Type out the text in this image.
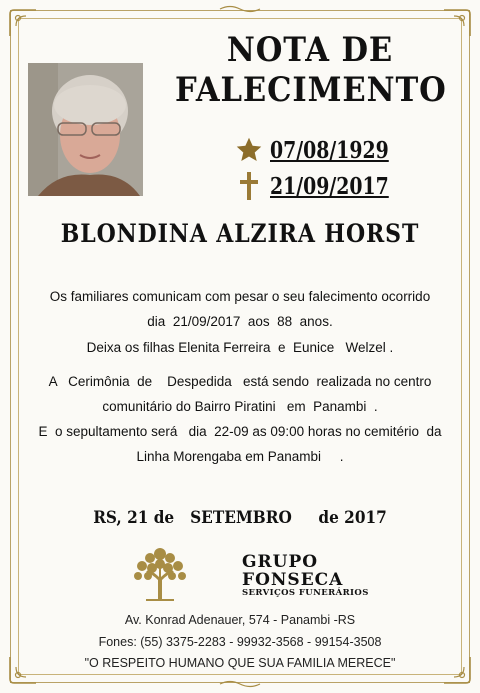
NOTA DE
FALECIMENTO
07/08/1929
21/09/2017
BLONDINA ALZIRA HORST
Os familiares comunicam com pesar o seu falecimento ocorrido
dia  21/09/2017  aos  88  anos.
Deixa os filhas Elenita Ferreira  e  Eunice   Welzel .
A   Cerimônia  de    Despedida   está sendo  realizada no centro
comunitário do Bairro Piratini   em  Panambi  .
E  o sepultamento será   dia  22-09 as 09:00 horas no cemitério  da
Linha Morengaba em Panambi     .
RS, 21 de   SETEMBRO     de 2017
GRUPO
FONSECA
SERVIÇOS FUNERÁRIOS
Av. Konrad Adenauer, 574 - Panambi -RS
Fones: (55) 3375-2283 - 99932-3568 - 99154-3508
"O RESPEITO HUMANO QUE SUA FAMILIA MERECE"
